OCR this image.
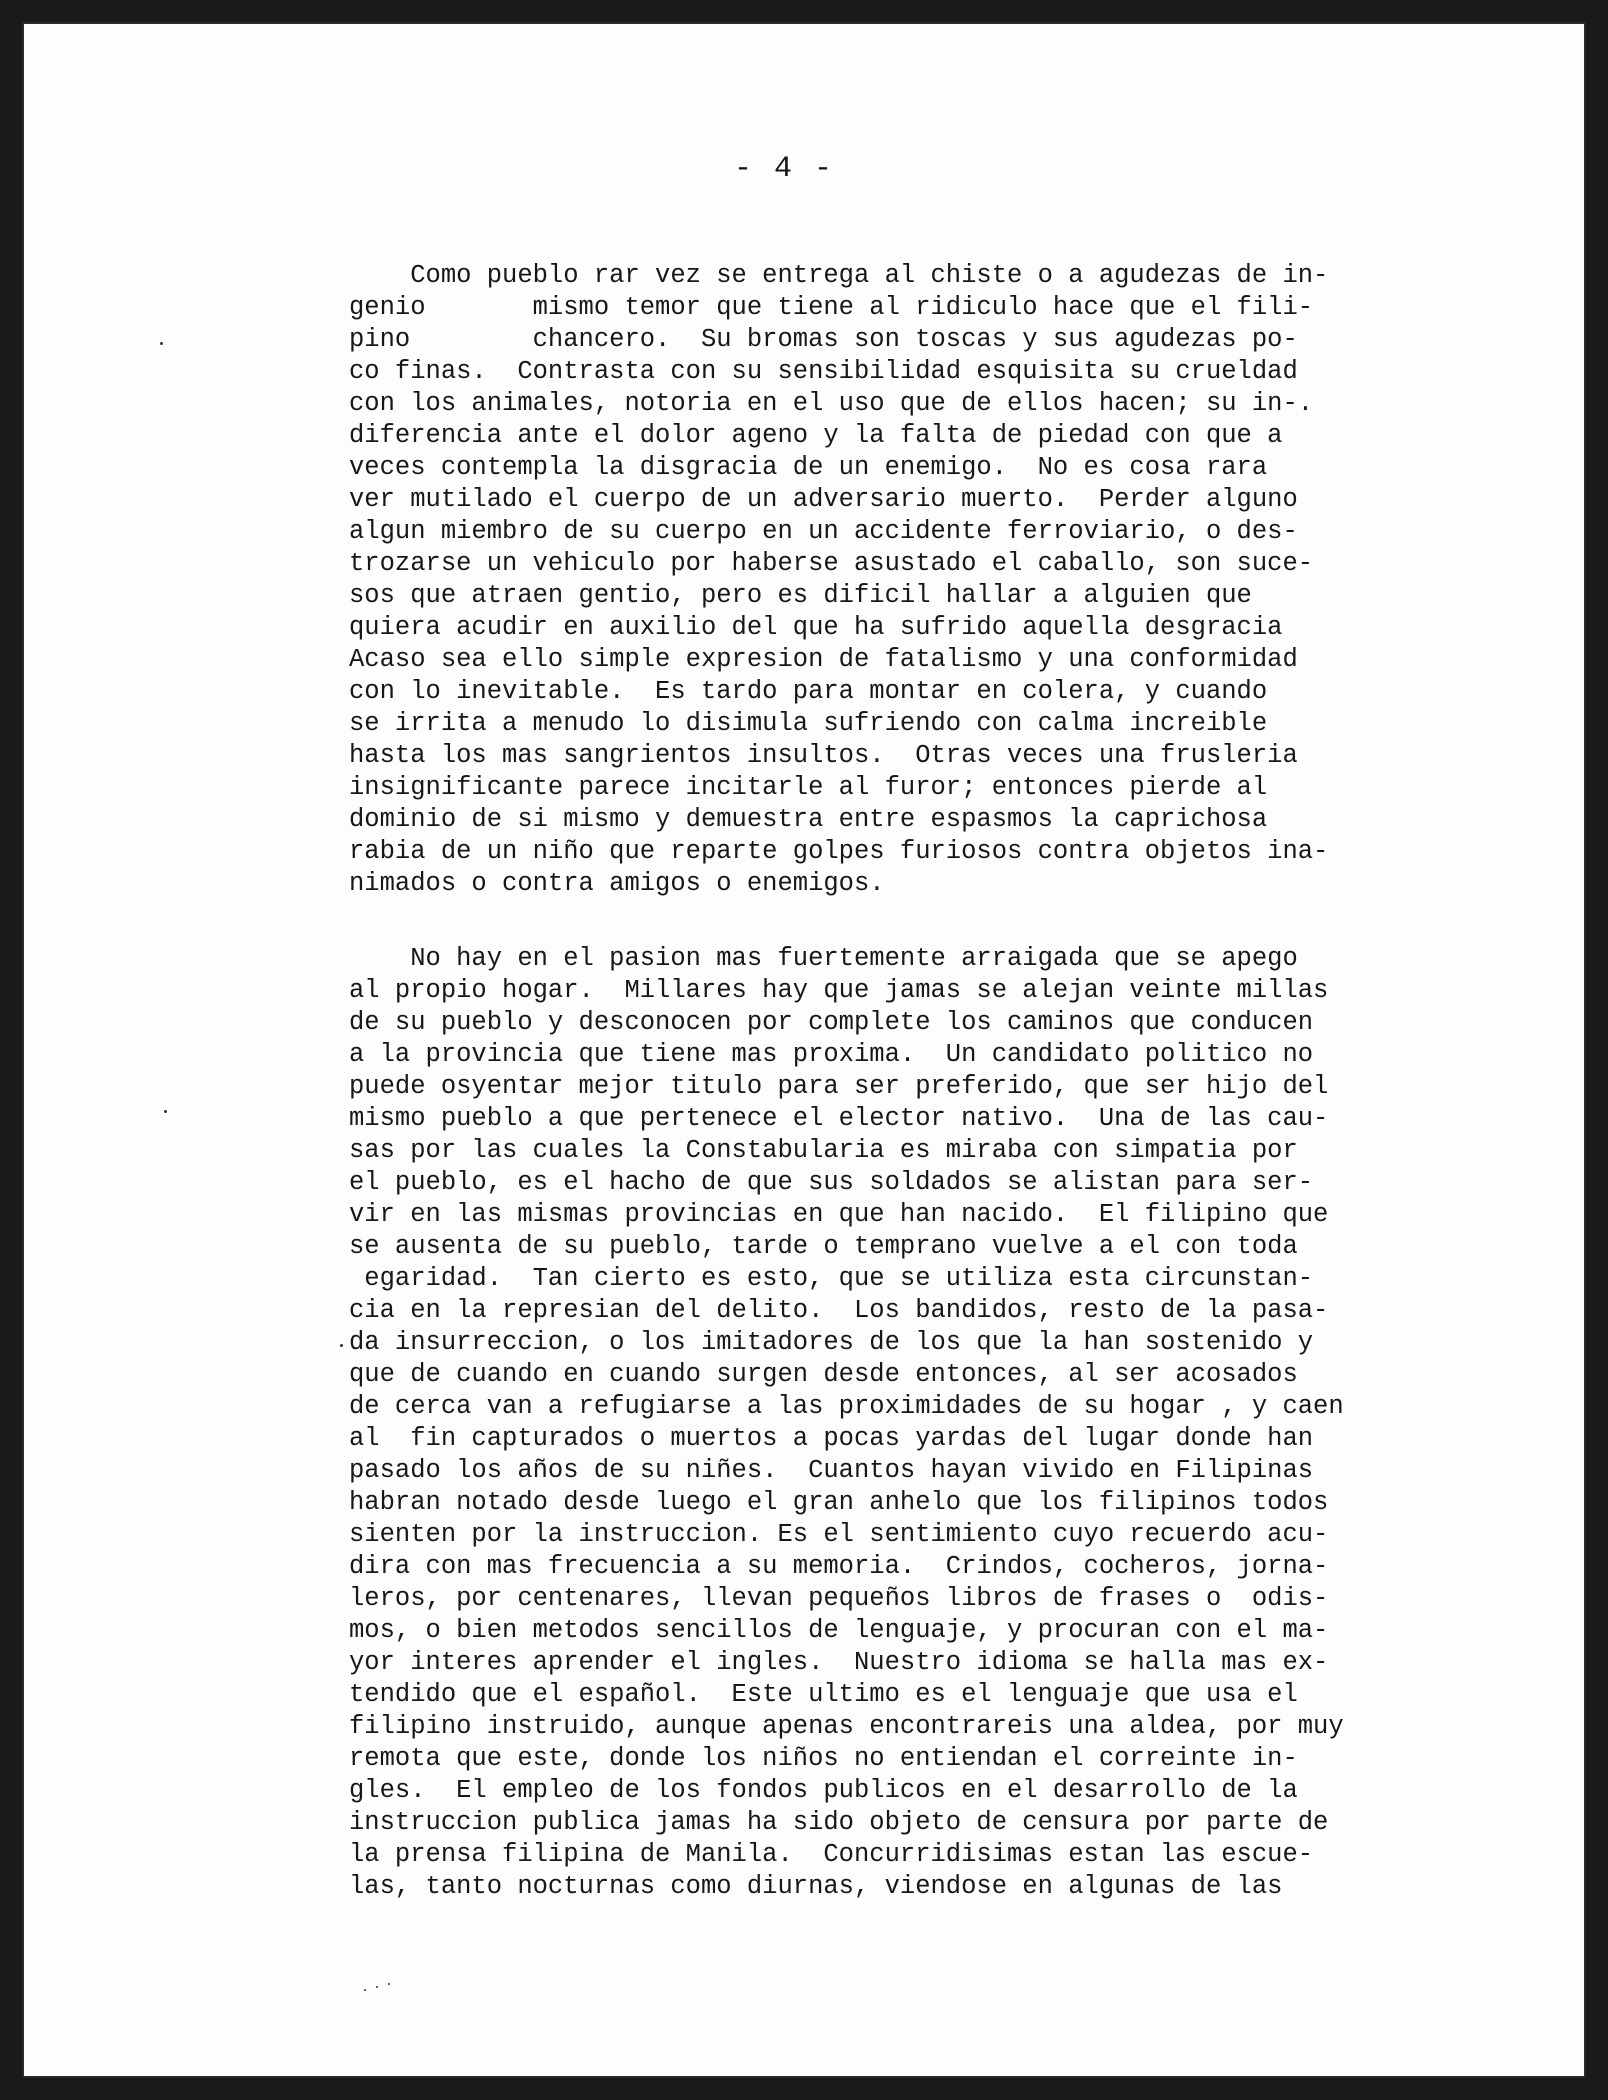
- 4 -
Como pueblo rar vez se entrega al chiste o a agudezas de in-
genio       mismo temor que tiene al ridiculo hace que el fili-
pino        chancero.  Su bromas son toscas y sus agudezas po-
co finas.  Contrasta con su sensibilidad esquisita su crueldad
con los animales, notoria en el uso que de ellos hacen; su in-.
diferencia ante el dolor ageno y la falta de piedad con que a
veces contempla la disgracia de un enemigo.  No es cosa rara
ver mutilado el cuerpo de un adversario muerto.  Perder alguno
algun miembro de su cuerpo en un accidente ferroviario, o des-
trozarse un vehiculo por haberse asustado el caballo, son suce-
sos que atraen gentio, pero es dificil hallar a alguien que
quiera acudir en auxilio del que ha sufrido aquella desgracia
Acaso sea ello simple expresion de fatalismo y una conformidad
con lo inevitable.  Es tardo para montar en colera, y cuando
se irrita a menudo lo disimula sufriendo con calma increible
hasta los mas sangrientos insultos.  Otras veces una frusleria
insignificante parece incitarle al furor; entonces pierde al
dominio de si mismo y demuestra entre espasmos la caprichosa
rabia de un niño que reparte golpes furiosos contra objetos ina-
nimados o contra amigos o enemigos.
No hay en el pasion mas fuertemente arraigada que se apego
al propio hogar.  Millares hay que jamas se alejan veinte millas
de su pueblo y desconocen por complete los caminos que conducen
a la provincia que tiene mas proxima.  Un candidato politico no
puede osyentar mejor titulo para ser preferido, que ser hijo del
mismo pueblo a que pertenece el elector nativo.  Una de las cau-
sas por las cuales la Constabularia es miraba con simpatia por
el pueblo, es el hacho de que sus soldados se alistan para ser-
vir en las mismas provincias en que han nacido.  El filipino que
se ausenta de su pueblo, tarde o temprano vuelve a el con toda
egaridad.  Tan cierto es esto, que se utiliza esta circunstan-
cia en la represian del delito.  Los bandidos, resto de la pasa-
da insurreccion, o los imitadores de los que la han sostenido y
que de cuando en cuando surgen desde entonces, al ser acosados
de cerca van a refugiarse a las proximidades de su hogar , y caen
al  fin capturados o muertos a pocas yardas del lugar donde han
pasado los años de su niñes.  Cuantos hayan vivido en Filipinas
habran notado desde luego el gran anhelo que los filipinos todos
sienten por la instruccion. Es el sentimiento cuyo recuerdo acu-
dira con mas frecuencia a su memoria.  Crindos, cocheros, jorna-
leros, por centenares, llevan pequeños libros de frases o  odis-
mos, o bien metodos sencillos de lenguaje, y procuran con el ma-
yor interes aprender el ingles.  Nuestro idioma se halla mas ex-
tendido que el español.  Este ultimo es el lenguaje que usa el
filipino instruido, aunque apenas encontrareis una aldea, por muy
remota que este, donde los niños no entiendan el correinte in-
gles.  El empleo de los fondos publicos en el desarrollo de la
instruccion publica jamas ha sido objeto de censura por parte de
la prensa filipina de Manila.  Concurridisimas estan las escue-
las, tanto nocturnas como diurnas, viendose en algunas de las
